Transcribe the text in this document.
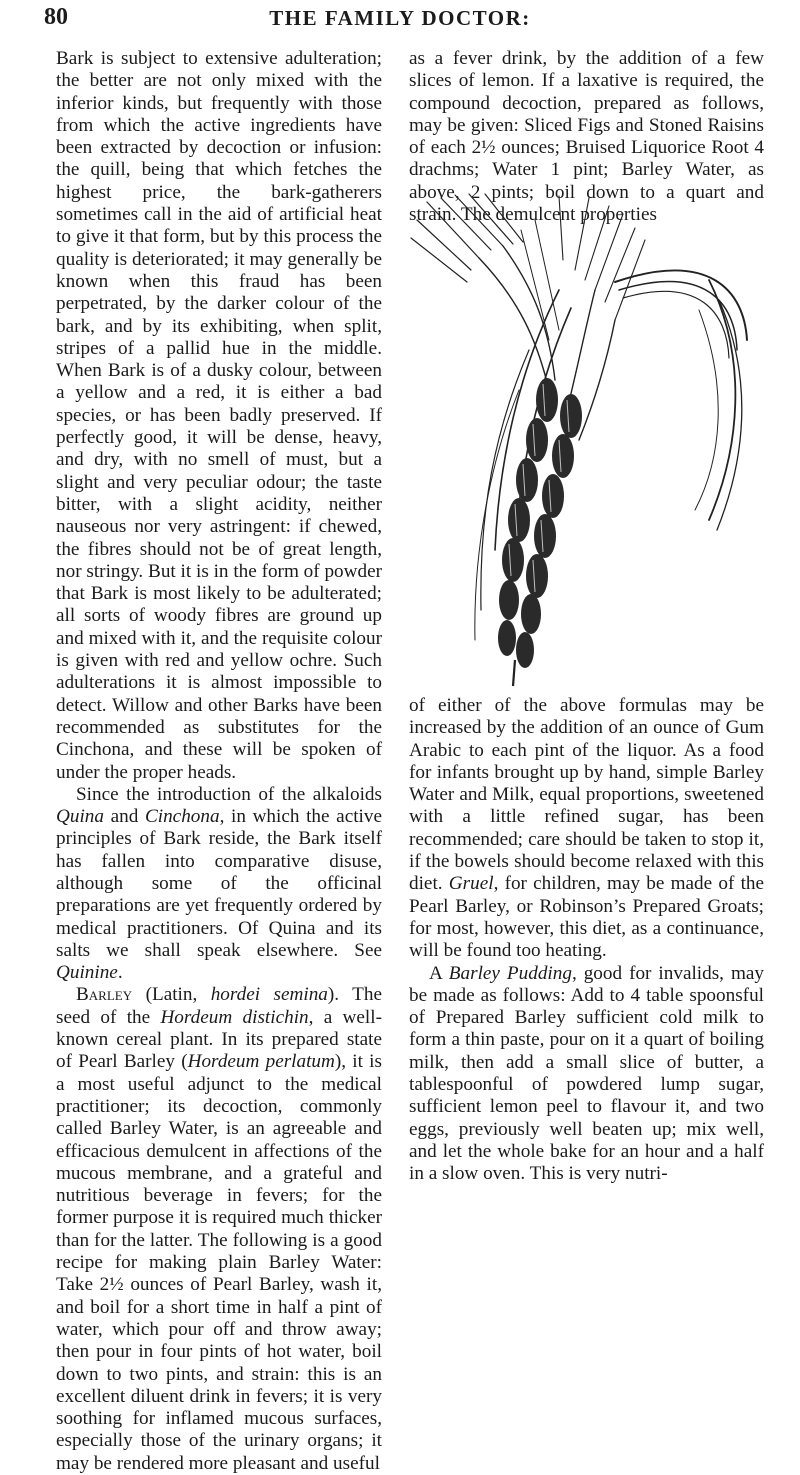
80	THE FAMILY DOCTOR:

Bark is subject to extensive adulteration; the better are not only mixed with the inferior kinds, but frequently with those from which the active ingredients have been extracted by decoction or infusion: the quill, being that which fetches the highest price, the bark-gatherers sometimes call in the aid of artificial heat to give it that form, but by this process the quality is deteriorated; it may generally be known when this fraud has been perpetrated, by the darker colour of the bark, and by its exhibiting, when split, stripes of a pallid hue in the middle. When Bark is of a dusky colour, between a yellow and a red, it is either a bad species, or has been badly preserved. If perfectly good, it will be dense, heavy, and dry, with no smell of must, but a slight and very peculiar odour; the taste bitter, with a slight acidity, neither nauseous nor very astringent: if chewed, the fibres should not be of great length, nor stringy. But it is in the form of powder that Bark is most likely to be adulterated; all sorts of woody fibres are ground up and mixed with it, and the requisite colour is given with red and yellow ochre. Such adulterations it is almost impossible to detect. Willow and other Barks have been recommended as substitutes for the Cinchona, and these will be spoken of under the proper heads.

Since the introduction of the alkaloids Quina and Cinchona, in which the active principles of Bark reside, the Bark itself has fallen into comparative disuse, although some of the officinal preparations are yet frequently ordered by medical practitioners. Of Quina and its salts we shall speak elsewhere. See Quinine.

Barley (Latin, hordei semina). The seed of the Hordeum distichin, a well-known cereal plant. In its prepared state of Pearl Barley (Hordeum perlatum), it is a most useful adjunct to the medical practitioner; its decoction, commonly called Barley Water, is an agreeable and efficacious demulcent in affections of the mucous membrane, and a grateful and nutritious beverage in fevers; for the former purpose it is required much thicker than for the latter. The following is a good recipe for making plain Barley Water: Take 2½ ounces of Pearl Barley, wash it, and boil for a short time in half a pint of water, which pour off and throw away; then pour in four pints of hot water, boil down to two pints, and strain: this is an excellent diluent drink in fevers; it is very soothing for inflamed mucous surfaces, especially those of the urinary organs; it may be rendered more pleasant and useful

as a fever drink, by the addition of a few slices of lemon. If a laxative is required, the compound decoction, prepared as follows, may be given: Sliced Figs and Stoned Raisins of each 2½ ounces; Bruised Liquorice Root 4 drachms; Water 1 pint; Barley Water, as above, 2 pints; boil down to a quart and strain. The demulcent properties

of either of the above formulas may be increased by the addition of an ounce of Gum Arabic to each pint of the liquor. As a food for infants brought up by hand, simple Barley Water and Milk, equal proportions, sweetened with a little refined sugar, has been recommended; care should be taken to stop it, if the bowels should become relaxed with this diet. Gruel, for children, may be made of the Pearl Barley, or Robinson’s Prepared Groats; for most, however, this diet, as a continuance, will be found too heating.

A Barley Pudding, good for invalids, may be made as follows: Add to 4 table spoonsful of Prepared Barley sufficient cold milk to form a thin paste, pour on it a quart of boiling milk, then add a small slice of butter, a tablespoonful of powdered lump sugar, sufficient lemon peel to flavour it, and two eggs, previously well beaten up; mix well, and let the whole bake for an hour and a half in a slow oven. This is very nutri-
